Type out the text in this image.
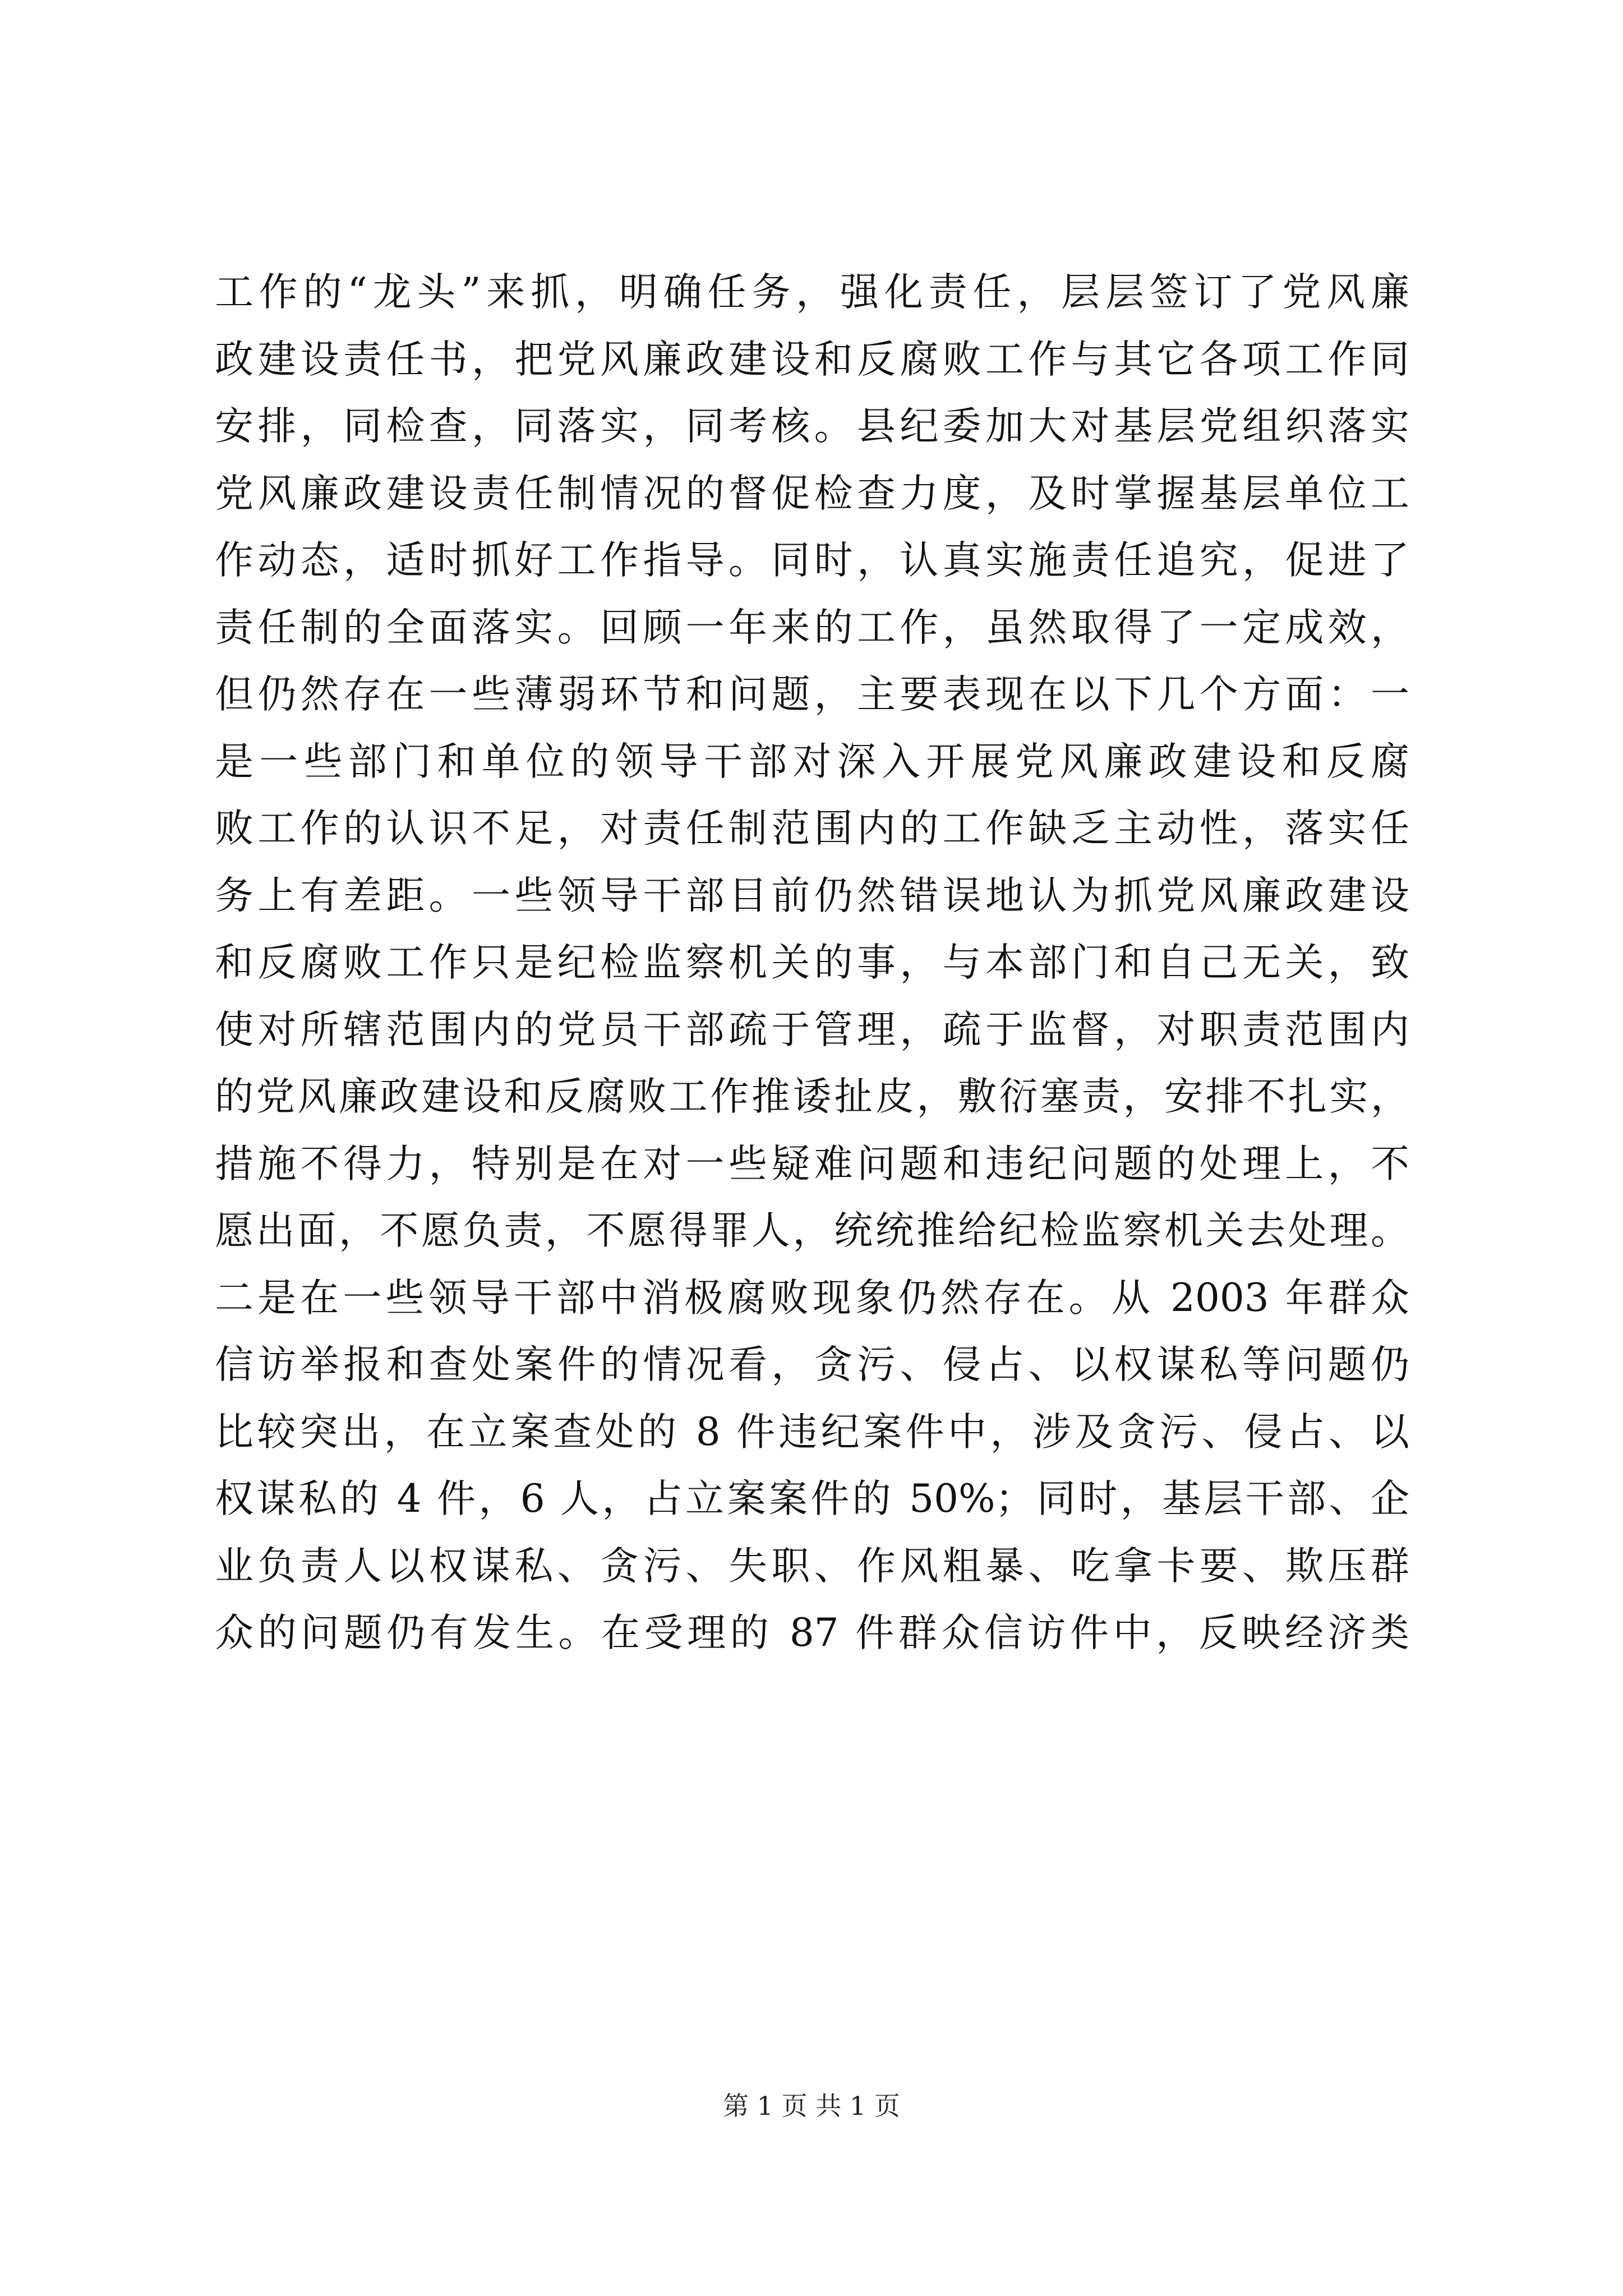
工作的“龙头”来抓，明确任务，强化责任，层层签订了党风廉
政建设责任书，把党风廉政建设和反腐败工作与其它各项工作同
安排，同检查，同落实，同考核。县纪委加大对基层党组织落实
党风廉政建设责任制情况的督促检查力度，及时掌握基层单位工
作动态，适时抓好工作指导。同时，认真实施责任追究，促进了
责任制的全面落实。回顾一年来的工作，虽然取得了一定成效，
但仍然存在一些薄弱环节和问题，主要表现在以下几个方面：一
是一些部门和单位的领导干部对深入开展党风廉政建设和反腐
败工作的认识不足，对责任制范围内的工作缺乏主动性，落实任
务上有差距。一些领导干部目前仍然错误地认为抓党风廉政建设
和反腐败工作只是纪检监察机关的事，与本部门和自己无关，致
使对所辖范围内的党员干部疏于管理，疏于监督，对职责范围内
的党风廉政建设和反腐败工作推诿扯皮，敷衍塞责，安排不扎实，
措施不得力，特别是在对一些疑难问题和违纪问题的处理上，不
愿出面，不愿负责，不愿得罪人，统统推给纪检监察机关去处理。
二是在一些领导干部中消极腐败现象仍然存在。从 2003 年群众
信访举报和查处案件的情况看，贪污、侵占、以权谋私等问题仍
比较突出，在立案查处的 8 件违纪案件中，涉及贪污、侵占、以
权谋私的 4 件，6 人，占立案案件的 50%；同时，基层干部、企
业负责人以权谋私、贪污、失职、作风粗暴、吃拿卡要、欺压群
众的问题仍有发生。在受理的 87 件群众信访件中，反映经济类
第 1 页 共 1 页
